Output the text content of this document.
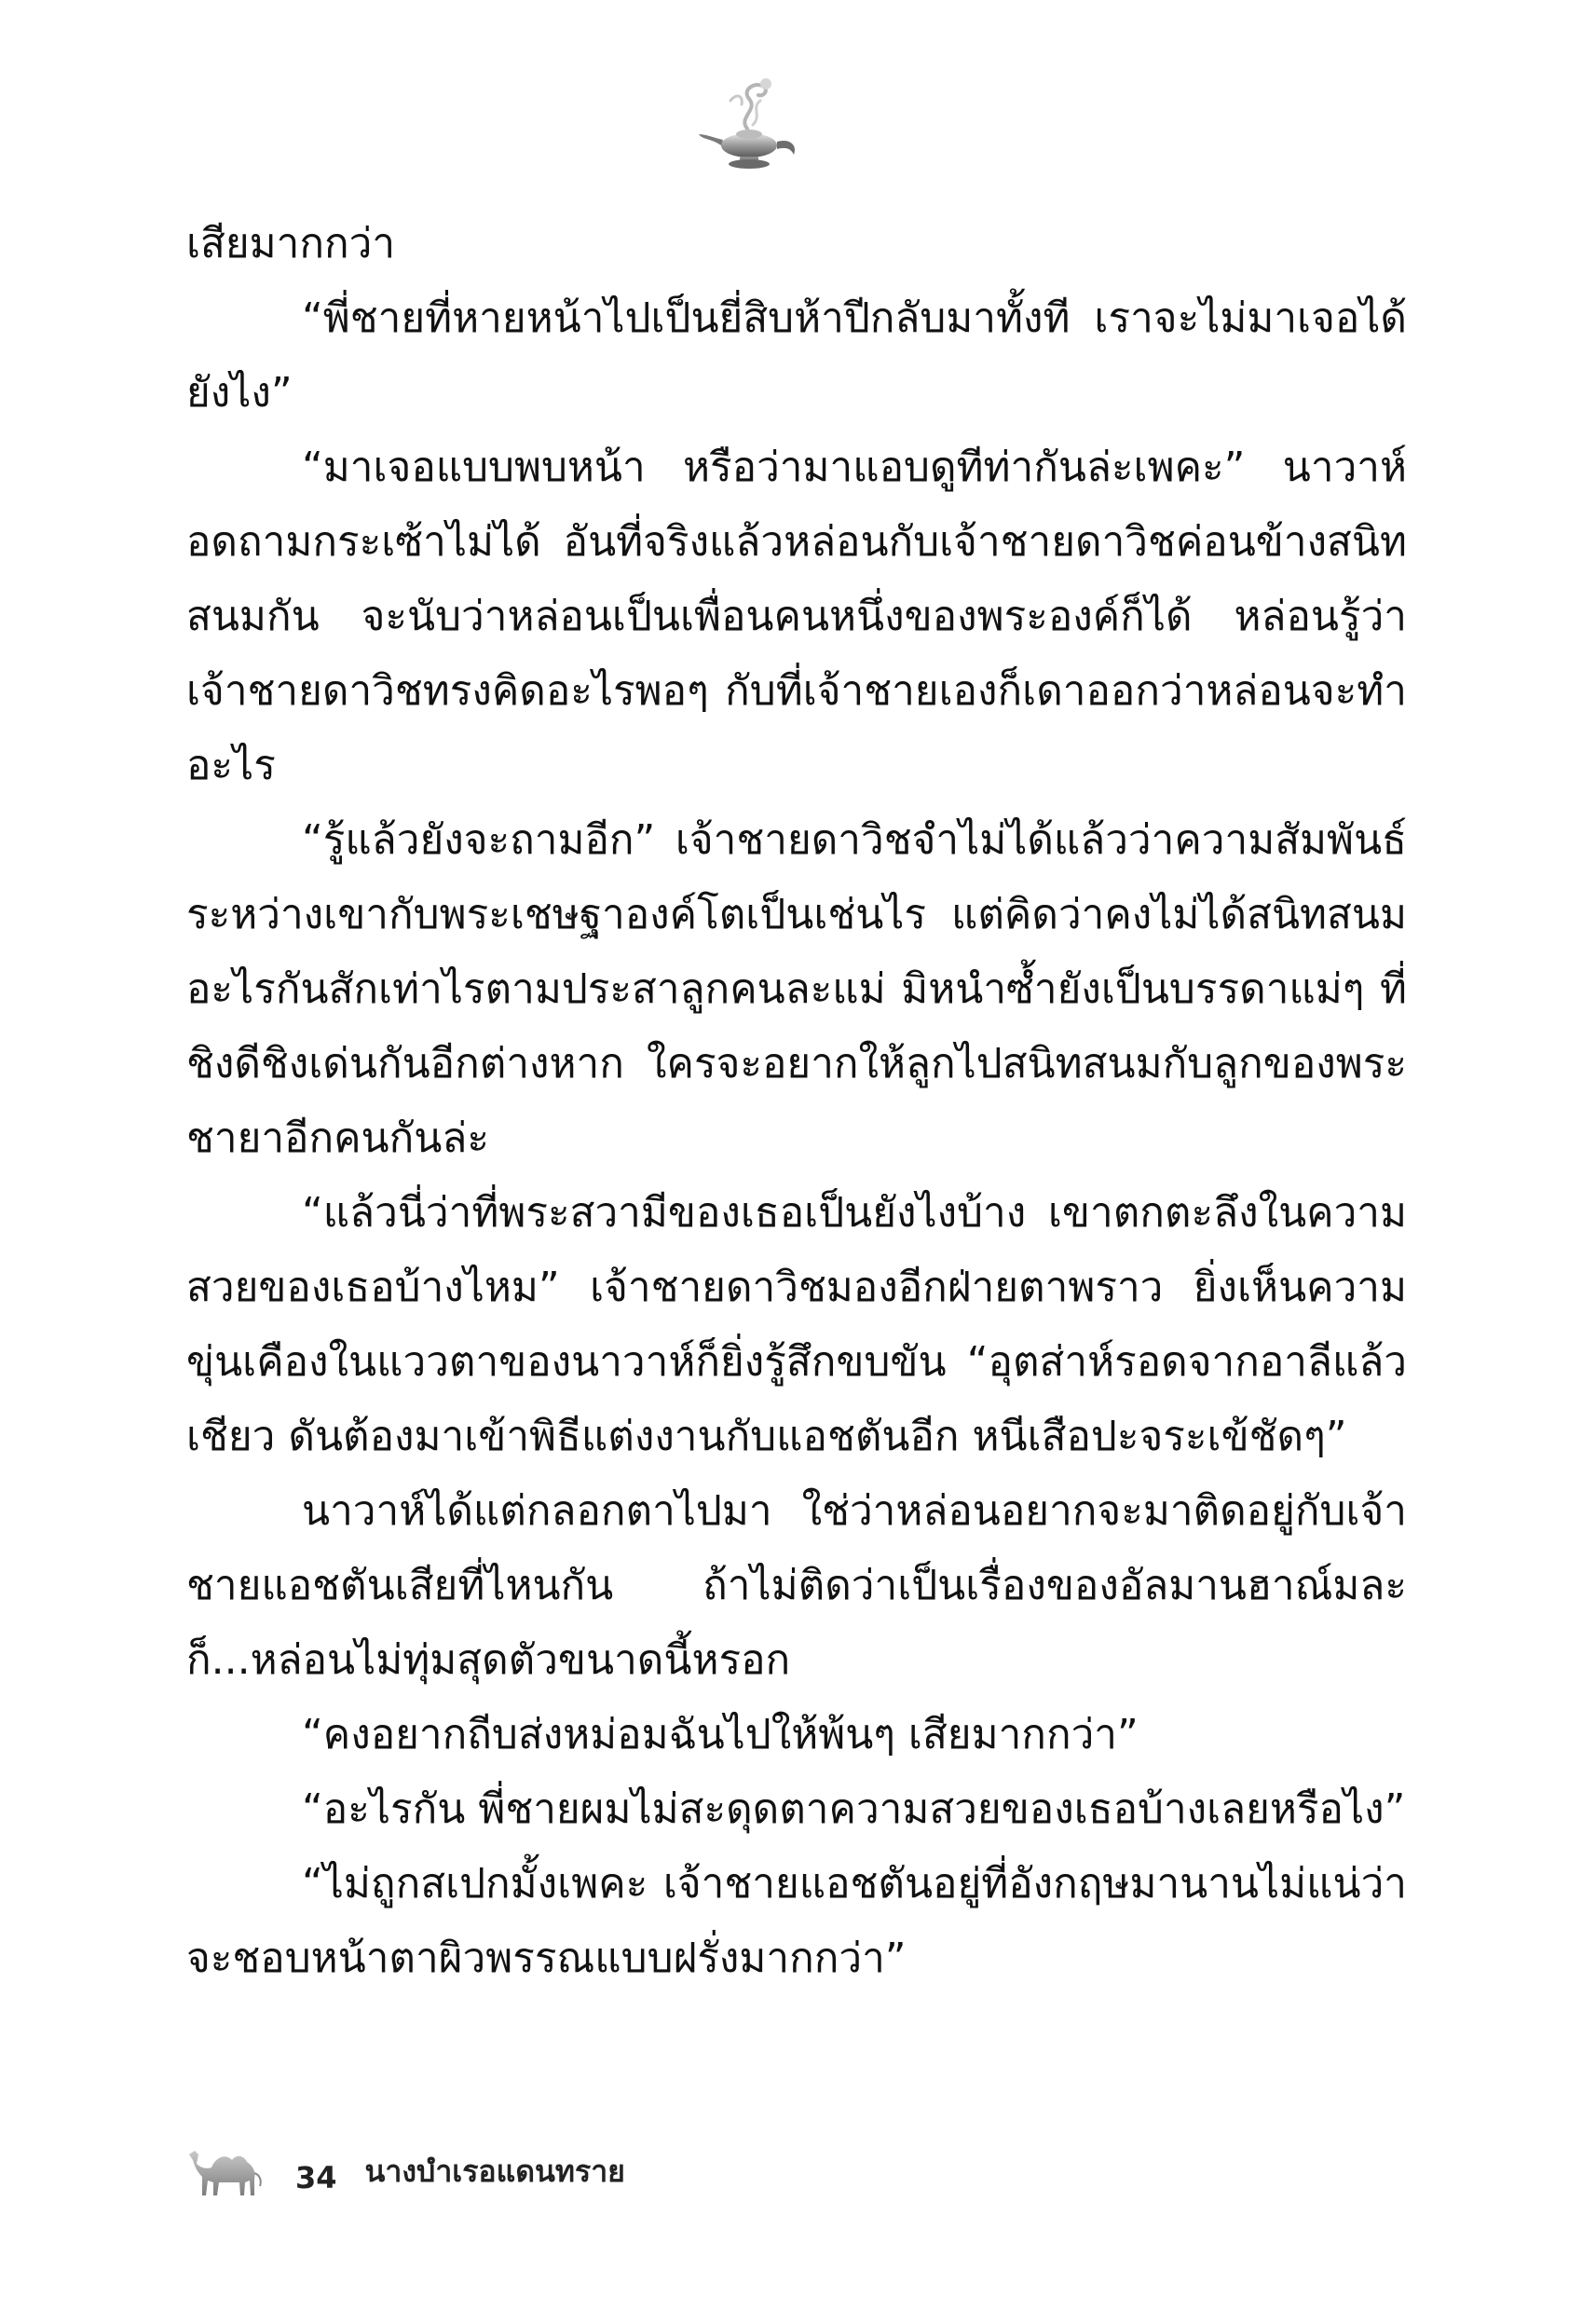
เสียมากกว่า

“พี่ชายที่หายหน้าไปเป็นยี่สิบห้าปีกลับมาทั้งที เราจะไม่มาเจอได้ยังไง”

“มาเจอแบบพบหน้า หรือว่ามาแอบดูทีท่ากันล่ะเพคะ” นาวาห์อดถามกระเซ้าไม่ได้ อันที่จริงแล้วหล่อนกับเจ้าชายดาวิชค่อนข้างสนิทสนมกัน จะนับว่าหล่อนเป็นเพื่อนคนหนึ่งของพระองค์ก็ได้ หล่อนรู้ว่าเจ้าชายดาวิชทรงคิดอะไรพอๆ กับที่เจ้าชายเองก็เดาออกว่าหล่อนจะทำอะไร

“รู้แล้วยังจะถามอีก” เจ้าชายดาวิชจำไม่ได้แล้วว่าความสัมพันธ์ระหว่างเขากับพระเชษฐาองค์โตเป็นเช่นไร แต่คิดว่าคงไม่ได้สนิทสนมอะไรกันสักเท่าไรตามประสาลูกคนละแม่ มิหนำซ้ำยังเป็นบรรดาแม่ๆ ที่ชิงดีชิงเด่นกันอีกต่างหาก ใครจะอยากให้ลูกไปสนิทสนมกับลูกของพระชายาอีกคนกันล่ะ

“แล้วนี่ว่าที่พระสวามีของเธอเป็นยังไงบ้าง เขาตกตะลึงในความสวยของเธอบ้างไหม” เจ้าชายดาวิชมองอีกฝ่ายตาพราว ยิ่งเห็นความขุ่นเคืองในแววตาของนาวาห์ก็ยิ่งรู้สึกขบขัน “อุตส่าห์รอดจากอาลีแล้วเชียว ดันต้องมาเข้าพิธีแต่งงานกับแอชตันอีก หนีเสือปะจระเข้ชัดๆ”

นาวาห์ได้แต่กลอกตาไปมา ใช่ว่าหล่อนอยากจะมาติดอยู่กับเจ้าชายแอชตันเสียที่ไหนกัน ถ้าไม่ติดว่าเป็นเรื่องของอัลมานฮาณ์มละก็...หล่อนไม่ทุ่มสุดตัวขนาดนี้หรอก

“คงอยากถีบส่งหม่อมฉันไปให้พ้นๆ เสียมากกว่า”

“อะไรกัน พี่ชายผมไม่สะดุดตาความสวยของเธอบ้างเลยหรือไง”

“ไม่ถูกสเปกมั้งเพคะ เจ้าชายแอชตันอยู่ที่อังกฤษมานานไม่แน่ว่าจะชอบหน้าตาผิวพรรณแบบฝรั่งมากกว่า”

34 นางบำเรอแดนทราย
